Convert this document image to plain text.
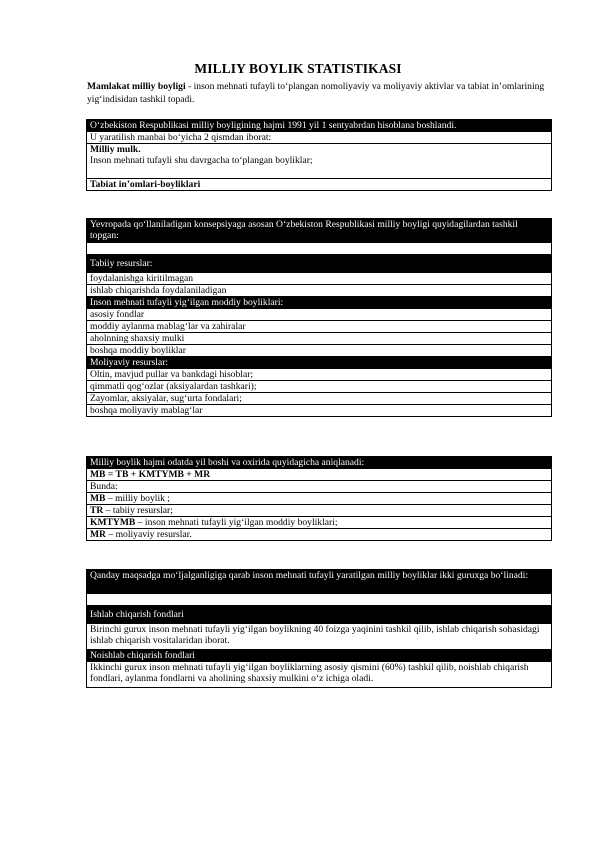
MILLIY BOYLIK STATISTIKASI
Mamlakat milliy boyligi - inson mehnati tufayli to‘plangan nomoliyaviy va moliyaviy aktivlar va tabiat in’omlarining yig‘indisidan tashkil topadi.
O‘zbekiston Respublikasi milliy boyligining hajmi 1991 yil 1 sentyabrdan hisoblana boshlandi.
U yaratilish manbai bo‘yicha 2 qismdan iborat:

Milliy mulk.
Inson mehnati tufayli shu davrgacha to‘plangan boyliklar;

Tabiat in’omlari-boyliklari
Yevropada qo‘llaniladigan konsepsiyaga asosan O‘zbekiston Respublikasi milliy boyligi quyidagilardan tashkil topgan:

Tabiiy resurslar:
foydalanishga kiritilmagan
ishlab chiqarishda foydalaniladigan
Inson mehnati tufayli yig‘ilgan moddiy boyliklari:
asosiy fondlar
moddiy aylanma mablag‘lar va zahiralar
aholnning shaxsiy mulki
boshqa moddiy boyliklar
Moliyaviy resurslar:
Oltin, mavjud pullar va bankdagi hisoblar;
qimmatli qog‘ozlar (aksiyalardan tashkari);
Zayomlar, aksiyalar, sug‘urta fondalari;
boshqa moliyaviy mablag‘lar
Milliy boylik hajmi odatda yil boshi va oxirida quyidagicha aniqlanadi:
MB = TB + KMTYMB + MR
Bunda:
MB – milliy boylik ;
TR – tabiiy resurslar;
KMTYMB – inson mehnati tufayli yig‘ilgan moddiy boyliklari;
MR – moliyaviy resurslar.
Qanday maqsadga mo‘ljalganligiga qarab inson mehnati tufayli yaratilgan milliy boyliklar ikki guruxga bo‘linadi:

Ishlab chiqarish fondlari
Birinchi gurux inson mehnati tufayli yig‘ilgan boylikning 40 foizga yaqinini tashkil qilib, ishlab chiqarish sohasidagi ishlab chiqarish vositalaridan iborat.
Noishlab chiqarish fondlari
Ikkinchi gurux inson mehnati tufayli yig‘ilgan boyliklarning asosiy qismini (60%) tashkil qilib, noishlab chiqarish fondlari, aylanma fondlarni va aholining shaxsiy mulkini o‘z ichiga oladi.
